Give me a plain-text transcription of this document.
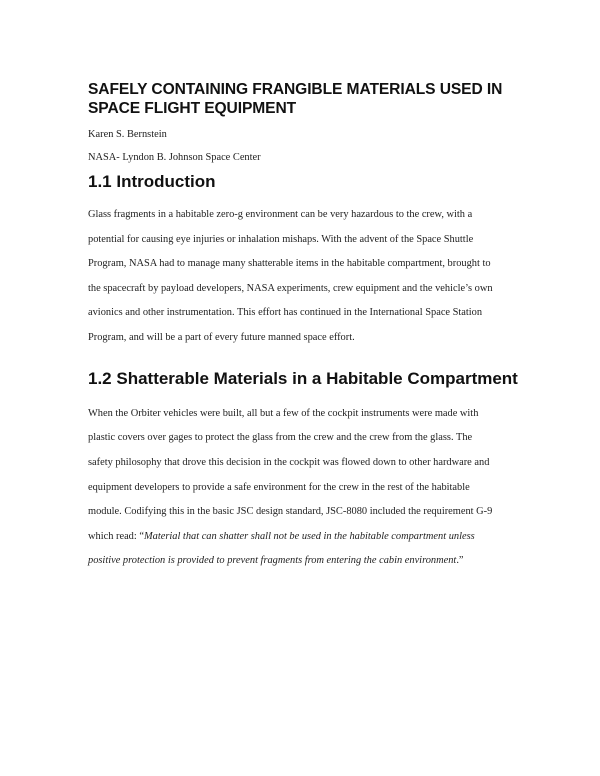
SAFELY CONTAINING FRANGIBLE MATERIALS USED IN SPACE FLIGHT EQUIPMENT

Karen S. Bernstein

NASA- Lyndon B. Johnson Space Center

1.1 Introduction

Glass fragments in a habitable zero-g environment can be very hazardous to the crew, with a

potential for causing eye injuries or inhalation mishaps. With the advent of the Space Shuttle

Program, NASA had to manage many shatterable items in the habitable compartment, brought to

the spacecraft by payload developers, NASA experiments, crew equipment and the vehicle’s own

avionics and other instrumentation. This effort has continued in the International Space Station

Program, and will be a part of every future manned space effort.

1.2 Shatterable Materials in a Habitable Compartment

When the Orbiter vehicles were built, all but a few of the cockpit instruments were made with

plastic covers over gages to protect the glass from the crew and the crew from the glass. The

safety philosophy that drove this decision in the cockpit was flowed down to other hardware and

equipment developers to provide a safe environment for the crew in the rest of the habitable

module. Codifying this in the basic JSC design standard, JSC-8080 included the requirement G-9

which read: “Material that can shatter shall not be used in the habitable compartment unless

positive protection is provided to prevent fragments from entering the cabin environment.”
